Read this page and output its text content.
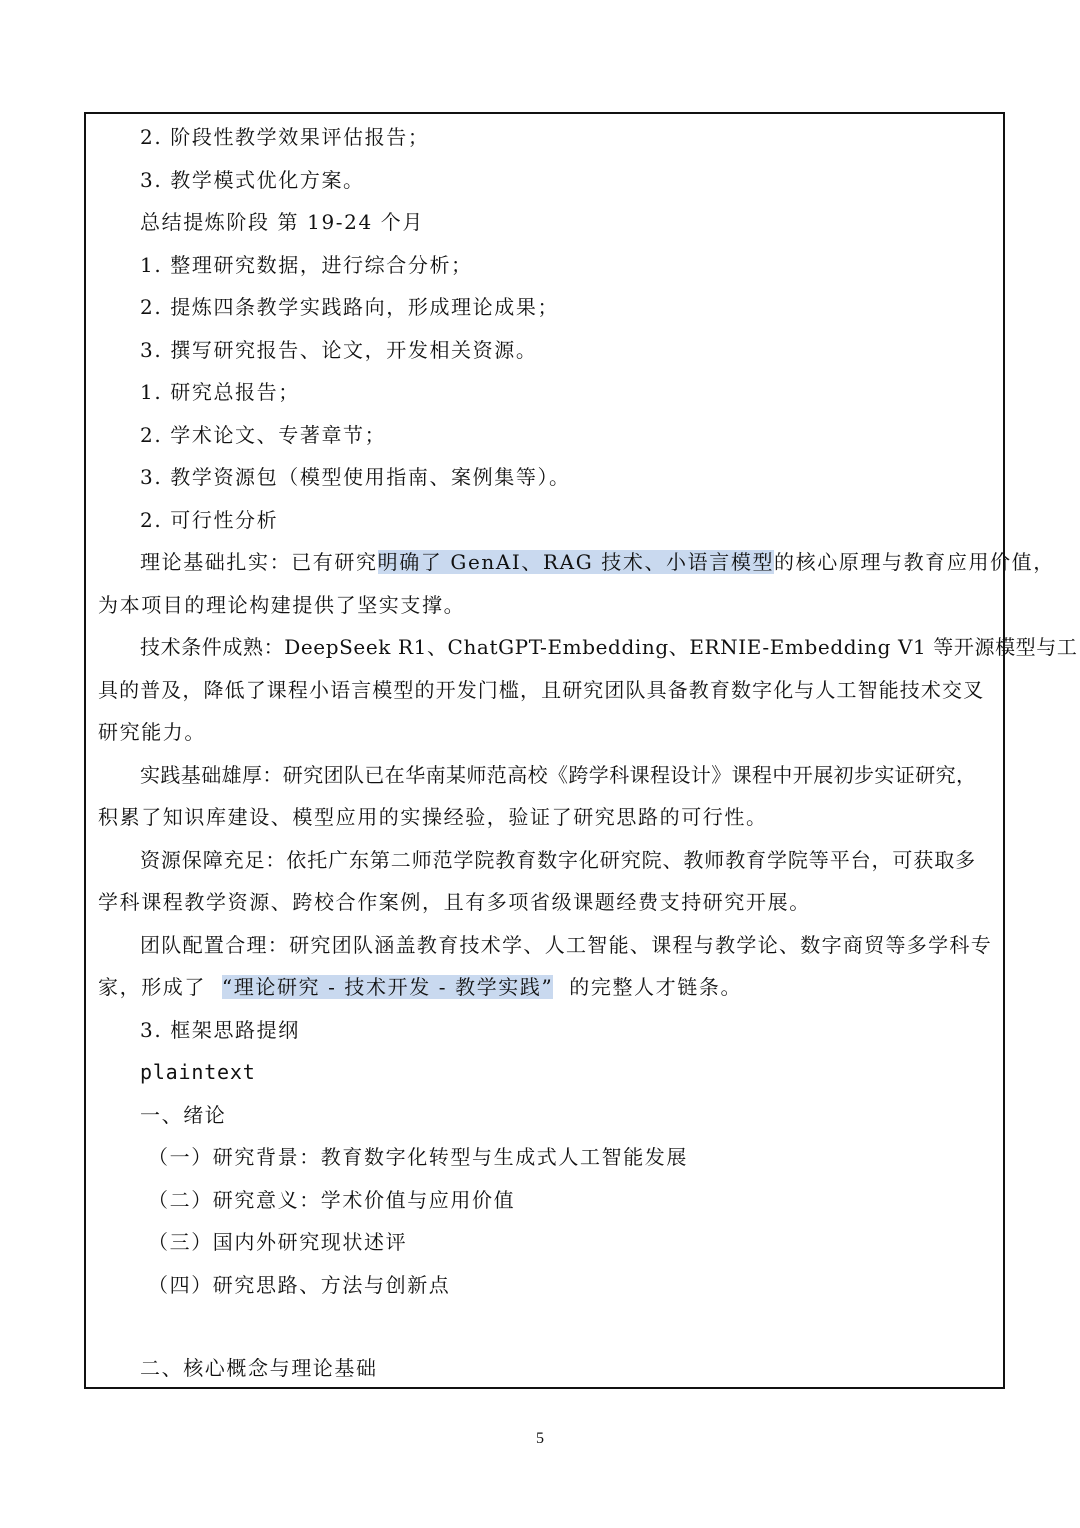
2. 阶段性教学效果评估报告；
3. 教学模式优化方案。
总结提炼阶段 第 19-24 个月
1. 整理研究数据，进行综合分析；
2. 提炼四条教学实践路向，形成理论成果；
3. 撰写研究报告、论文，开发相关资源。
1. 研究总报告；
2. 学术论文、专著章节；
3. 教学资源包（模型使用指南、案例集等）。
2. 可行性分析
理论基础扎实：已有研究明确了 GenAI、RAG 技术、小语言模型的核心原理与教育应用价值，
为本项目的理论构建提供了坚实支撑。
技术条件成熟：DeepSeek R1、ChatGPT-Embedding、ERNIE-Embedding V1 等开源模型与工
具的普及，降低了课程小语言模型的开发门槛，且研究团队具备教育数字化与人工智能技术交叉
研究能力。
实践基础雄厚：研究团队已在华南某师范高校《跨学科课程设计》课程中开展初步实证研究，
积累了知识库建设、模型应用的实操经验，验证了研究思路的可行性。
资源保障充足：依托广东第二师范学院教育数字化研究院、教师教育学院等平台，可获取多
学科课程教学资源、跨校合作案例，且有多项省级课题经费支持研究开展。
团队配置合理：研究团队涵盖教育技术学、人工智能、课程与教学论、数字商贸等多学科专
家，形成了 “理论研究 - 技术开发 - 教学实践” 的完整人才链条。
3. 框架思路提纲
plaintext
一、绪论
（一）研究背景：教育数字化转型与生成式人工智能发展
（二）研究意义：学术价值与应用价值
（三）国内外研究现状述评
（四）研究思路、方法与创新点
二、核心概念与理论基础
5
